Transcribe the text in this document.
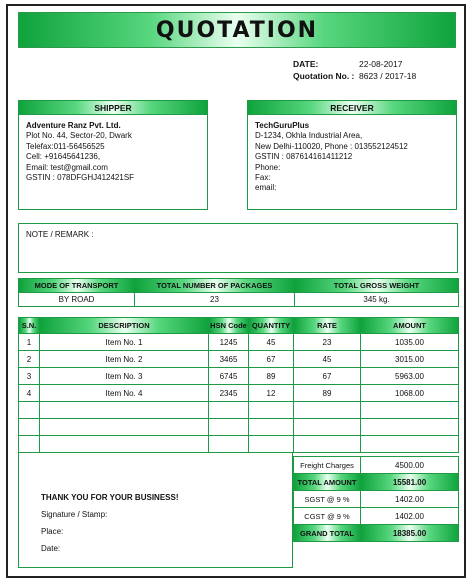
QUOTATION
DATE:	22-08-2017
Quotation No. : 8623 / 2017-18
SHIPPER
Adventure Ranz Pvt. Ltd.
Plot No. 44, Sector-20, Dwark
Telefax:011-56456525
Cell: +91645641236,
Email: test@gmail.com
GSTIN : 078DFGHJ412421SF
RECEIVER
TechGuruPlus
D-1234, Okhla Industrial Area,
New Delhi-110020, Phone : 013552124512
GSTIN : 087614161411212
Phone:
Fax:
email:
NOTE / REMARK :
MODE OF TRANSPORT	TOTAL NUMBER OF PACKAGES	TOTAL GROSS WEIGHT
BY ROAD	23	345 kg.
S.N.	DESCRIPTION	HSN Code	QUANTITY	RATE	AMOUNT
1	Item No. 1	1245	45	23	1035.00
2	Item No. 2	3465	67	45	3015.00
3	Item No. 3	6745	89	67	5963.00
4	Item No. 4	2345	12	89	1068.00

THANK YOU FOR YOUR BUSINESS!
Signature / Stamp:
Place:
Date:
Freight Charges	4500.00
TOTAL AMOUNT	15581.00
SGST @ 9 %	1402.00
CGST @ 9 %	1402.00
GRAND TOTAL	18385.00
